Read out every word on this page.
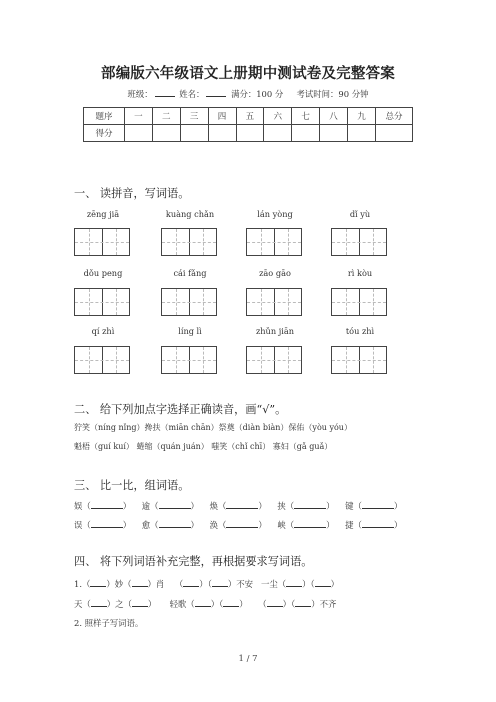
部编版六年级语文上册期中测试卷及完整答案
班级：	姓名：	满分：100 分 考试时间：90 分钟
题序	一	二	三	四	五	六	七	八	九	总分
得分										
一、 读拼音，写词语。
zēng jiā	kuàng chǎn	lán yòng	dǐ yù
dǒu peng	cái fǎng	zāo gāo	rì kòu
qí zhì	líng lì	zhǔn jiān	tóu zhì
二、 给下列加点字选择正确读音，画“√”。
狞笑（níng nǐng）搀扶（miān chān）祭奠（diàn biàn）保佑（yòu yóu）
魁梧（guí kuí） 蜷缩（quán juán） 嗤笑（chǐ chī） 寡妇（gǎ guǎ）
三、 比一比，组词语。
娱（	）    逾（	）    焕（	）    挟（	）    键（	）
误（	）    愈（	）    涣（	）    峡（	）    捷（	）
四、 将下列词语补充完整，再根据要求写词语。
1.（ ）妙（ ）肖 （ ）（ ）不安 一尘（ ）（ ）
天（ ）之（ ） 轻歌（ ）（ ） （ ）（ ）不齐
2. 照样子写词语。
1 / 7
